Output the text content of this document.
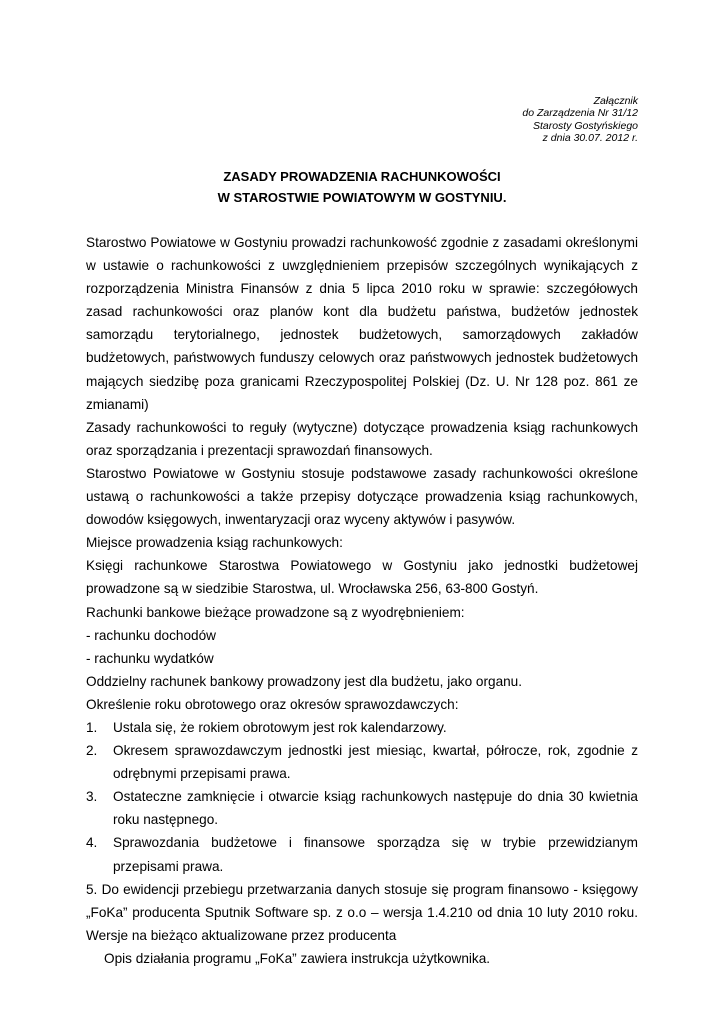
Załącznik
do Zarządzenia Nr 31/12
Starosty Gostyńskiego
z dnia 30.07. 2012 r.
ZASADY PROWADZENIA RACHUNKOWOŚCI
W STAROSTWIE POWIATOWYM W GOSTYNIU.

Starostwo Powiatowe w Gostyniu prowadzi rachunkowość zgodnie z zasadami określonymi w ustawie o rachunkowości z uwzględnieniem przepisów szczególnych wynikających z rozporządzenia Ministra Finansów z dnia 5 lipca 2010 roku w sprawie: szczegółowych zasad rachunkowości oraz planów kont dla budżetu państwa, budżetów jednostek samorządu terytorialnego, jednostek budżetowych, samorządowych zakładów budżetowych, państwowych funduszy celowych oraz państwowych jednostek budżetowych mających siedzibę poza granicami Rzeczypospolitej Polskiej (Dz. U. Nr 128 poz. 861 ze zmianami)

Zasady rachunkowości to reguły (wytyczne) dotyczące prowadzenia ksiąg rachunkowych oraz sporządzania i prezentacji sprawozdań finansowych.

Starostwo Powiatowe w Gostyniu stosuje podstawowe zasady rachunkowości określone ustawą o rachunkowości a także przepisy dotyczące prowadzenia ksiąg rachunkowych, dowodów księgowych, inwentaryzacji oraz wyceny aktywów i pasywów.

Miejsce prowadzenia ksiąg rachunkowych:

Księgi rachunkowe Starostwa Powiatowego w Gostyniu jako jednostki budżetowej prowadzone są w siedzibie Starostwa, ul. Wrocławska 256, 63-800 Gostyń.

Rachunki bankowe bieżące prowadzone są z wyodrębnieniem:

- rachunku dochodów

- rachunku wydatków

Oddzielny rachunek bankowy prowadzony jest dla budżetu, jako organu.

Określenie roku obrotowego oraz okresów sprawozdawczych:

1. Ustala się, że rokiem obrotowym jest rok kalendarzowy.
2. Okresem sprawozdawczym jednostki jest miesiąc, kwartał, półrocze, rok, zgodnie z odrębnymi przepisami prawa.
3. Ostateczne zamknięcie i otwarcie ksiąg rachunkowych następuje do dnia 30 kwietnia roku następnego.
4. Sprawozdania budżetowe i finansowe sporządza się w trybie przewidzianym przepisami prawa.

5. Do ewidencji przebiegu przetwarzania danych stosuje się program finansowo - księgowy „FoKa” producenta Sputnik Software sp. z o.o – wersja 1.4.210 od dnia 10 luty 2010 roku. Wersje na bieżąco aktualizowane przez producenta

Opis działania programu „FoKa” zawiera instrukcja użytkownika.
